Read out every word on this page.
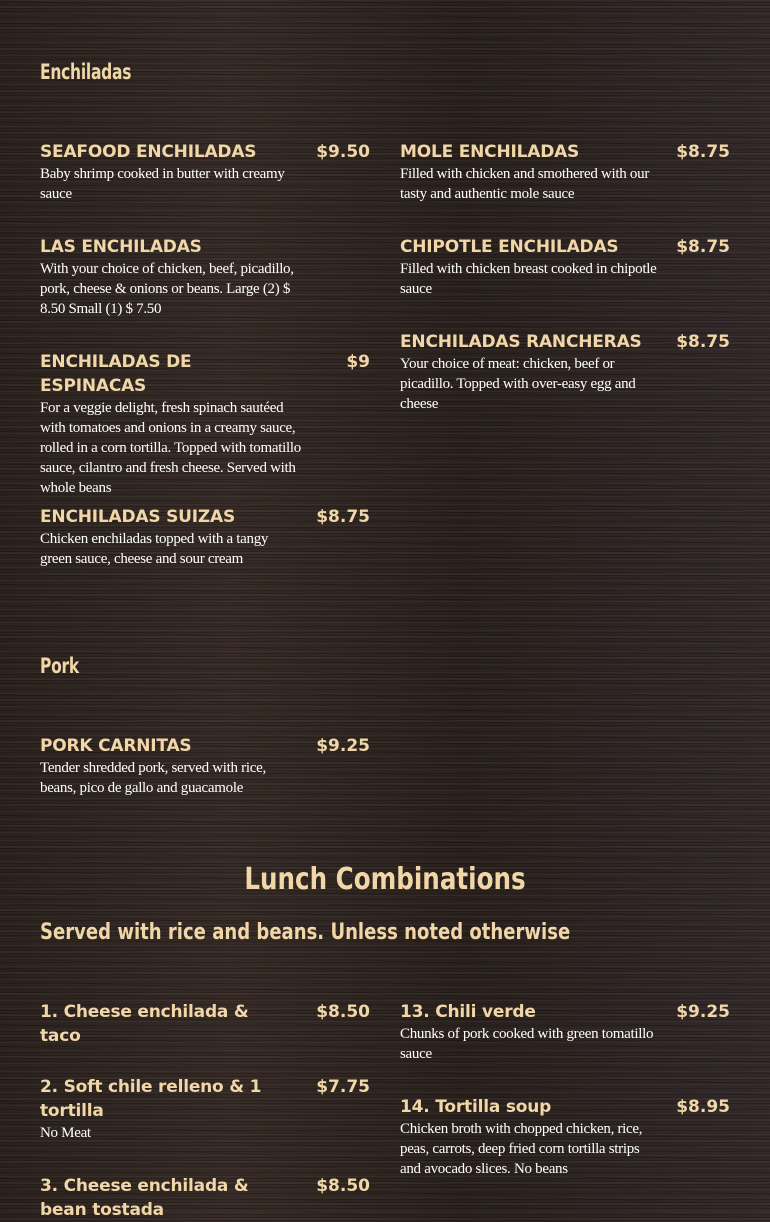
Enchiladas
SEAFOOD ENCHILADAS	$9.50
Baby shrimp cooked in butter with creamy sauce
LAS ENCHILADAS
With your choice of chicken, beef, picadillo, pork, cheese & onions or beans. Large (2) $ 8.50 Small (1) $ 7.50
ENCHILADAS DE ESPINACAS
$9
For a veggie delight, fresh spinach sautéed with tomatoes and onions in a creamy sauce, rolled in a corn tortilla. Topped with tomatillo sauce, cilantro and fresh cheese. Served with whole beans
ENCHILADAS SUIZAS	$8.75
Chicken enchiladas topped with a tangy green sauce, cheese and sour cream
MOLE ENCHILADAS	$8.75
Filled with chicken and smothered with our tasty and authentic mole sauce
CHIPOTLE ENCHILADAS	$8.75
Filled with chicken breast cooked in chipotle sauce
ENCHILADAS RANCHERAS $8.75
Your choice of meat: chicken, beef or picadillo. Topped with over-easy egg and cheese
Pork
PORK CARNITAS	$9.25
Tender shredded pork, served with rice, beans, pico de gallo and guacamole
Lunch Combinations
Served with rice and beans. Unless noted otherwise
1. Cheese enchilada & taco
$8.50
2. Soft chile relleno & 1 tortilla
$7.75
No Meat
3. Cheese enchilada & bean tostada
$8.50
13. Chili verde	$9.25
Chunks of pork cooked with green tomatillo sauce
14. Tortilla soup	$8.95
Chicken broth with chopped chicken, rice, peas, carrots, deep fried corn tortilla strips and avocado slices. No beans
